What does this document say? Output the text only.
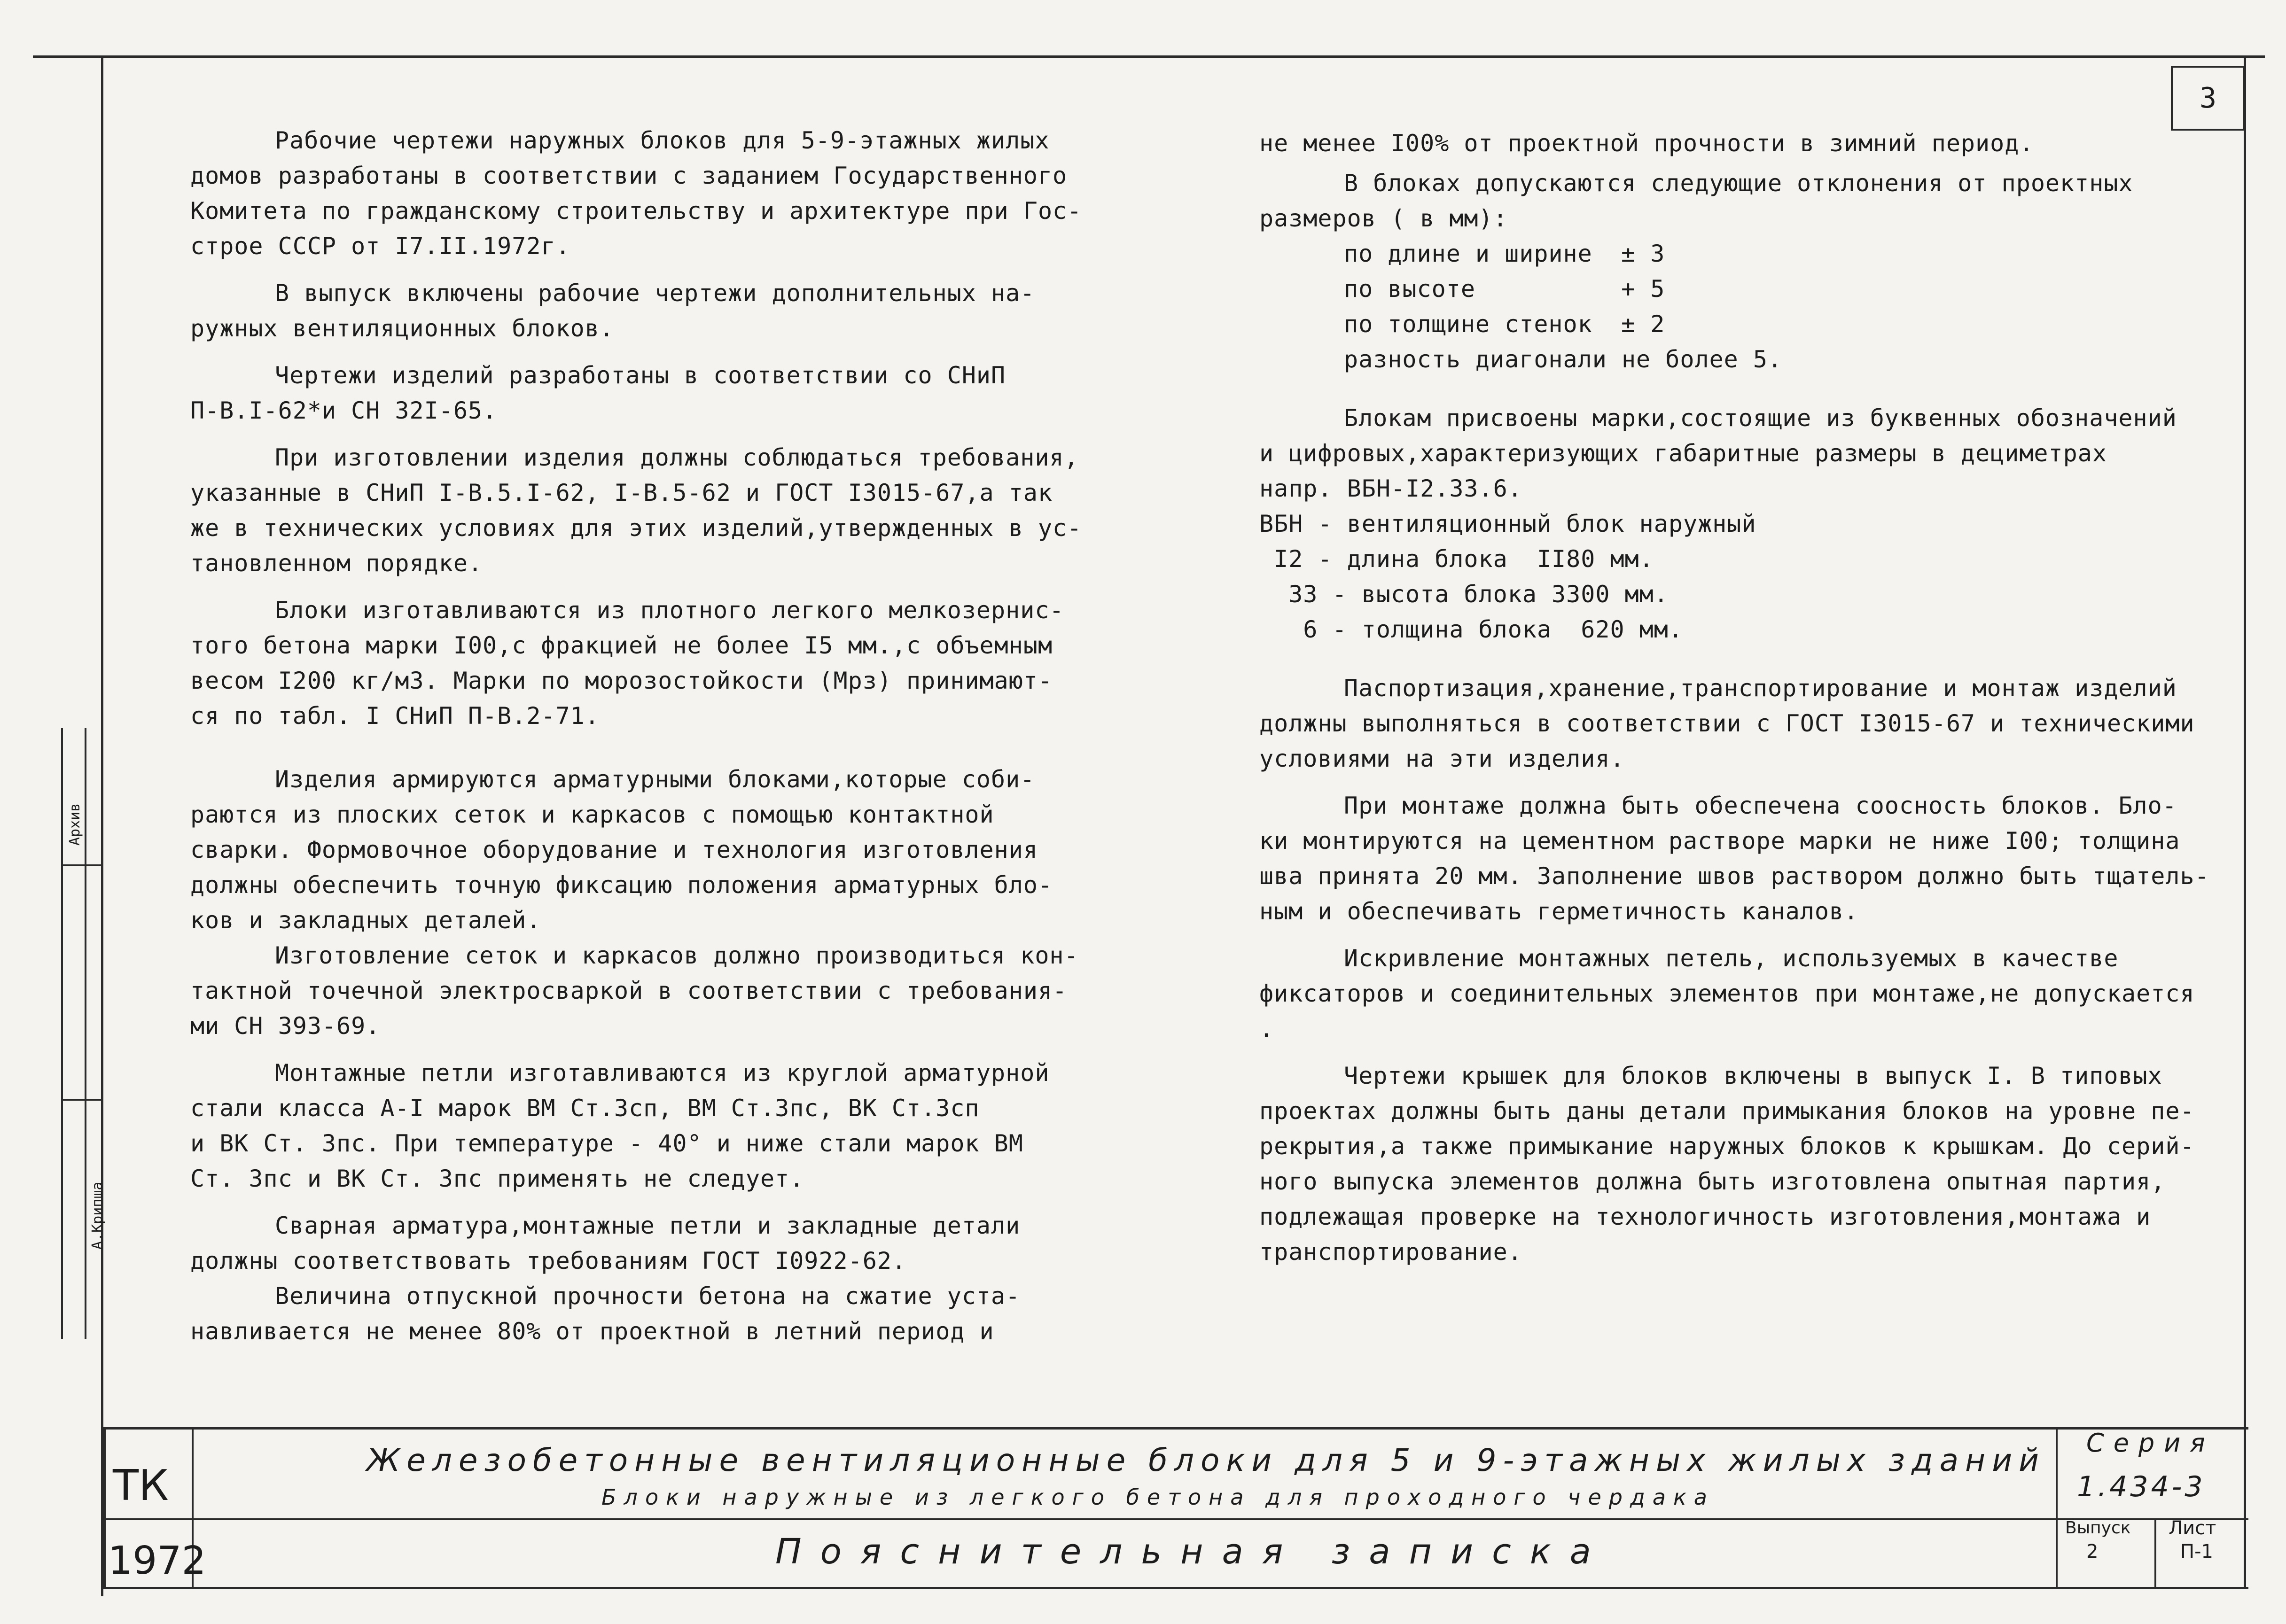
3

Рабочие чертежи наружных блоков для 5-9-этажных жилых
домов разработаны в соответствии с заданием Государственного
Комитета по гражданскому строительству и архитектуре при Гос-
строе СССР от I7.II.1972г.

В выпуск включены рабочие чертежи дополнительных на-
ружных вентиляционных блоков.

Чертежи изделий разработаны в соответствии со СНиП
П-В.I-62*и СН 32I-65.

При изготовлении изделия должны соблюдаться требования,
указанные в СНиП I-В.5.I-62, I-В.5-62 и ГОСТ I3015-67,а так
же в технических условиях для этих изделий,утвержденных в ус-
тановленном порядке.

Блоки изготавливаются из плотного легкого мелкозернис-
того бетона марки I00,с фракцией не более I5 мм.,с объемным
весом I200 кг/м3. Марки по морозостойкости (Мрз) принимают-
ся по табл. I СНиП П-В.2-71.

Изделия армируются арматурными блоками,которые соби-
раются из плоских сеток и каркасов с помощью контактной
сварки. Формовочное оборудование и технология изготовления
должны обеспечить точную фиксацию положения арматурных бло-
ков и закладных деталей.

Изготовление сеток и каркасов должно производиться кон-
тактной точечной электросваркой в соответствии с требования-
ми СН 393-69.

Монтажные петли изготавливаются из круглой арматурной
стали класса А-I марок ВМ Ст.3сп, ВМ Ст.3пс, ВК Ст.3сп
и ВК Ст. 3пс. При температуре - 40° и ниже стали марок ВМ
Ст. 3пс и ВК Ст. 3пс применять не следует.

Сварная арматура,монтажные петли и закладные детали
должны соответствовать требованиям ГОСТ I0922-62.

Величина отпускной прочности бетона на сжатие уста-
навливается не менее 80% от проектной в летний период и

не менее I00% от проектной прочности в зимний период.

В блоках допускаются следующие отклонения от проектных
размеров ( в мм):

по длине и ширине	± 3
по высоте	+ 5
по толщине стенок	± 2
разность диагонали не более 5.

Блокам присвоены марки,состоящие из буквенных обозначений
и цифровых,характеризующих габаритные размеры в дециметрах
напр. ВБН-I2.33.6.

ВБН - вентиляционный блок наружный
I2 - длина блока  II80 мм.
33 - высота блока 3300 мм.
6 - толщина блока  620 мм.

Паспортизация,хранение,транспортирование и монтаж изделий
должны выполняться в соответствии с ГОСТ I3015-67 и техническими
условиями на эти изделия.

При монтаже должна быть обеспечена соосность блоков. Бло-
ки монтируются на цементном растворе марки не ниже I00; толщина
шва принята 20 мм. Заполнение швов раствором должно быть тщатель-
ным и обеспечивать герметичность каналов.

Искривление монтажных петель, используемых в качестве
фиксаторов и соединительных элементов при монтаже,не допускается .

Чертежи крышек для блоков включены в выпуск I. В типовых
проектах должны быть даны детали примыкания блоков на уровне пе-
рекрытия,а также примыкание наружных блоков к крышкам. До серий-
ного выпуска элементов должна быть изготовлена опытная партия,
подлежащая проверке на технологичность изготовления,монтажа и
транспортирование.

Архив
А.Крипша
ТК
1972
Железобетонные вентиляционные блоки для 5 и 9-этажных жилых зданий
Блоки наружные из легкого бетона для проходного чердака
Пояснительная записка
Серия
1.434-3
Выпуск
2
Лист
П-1
